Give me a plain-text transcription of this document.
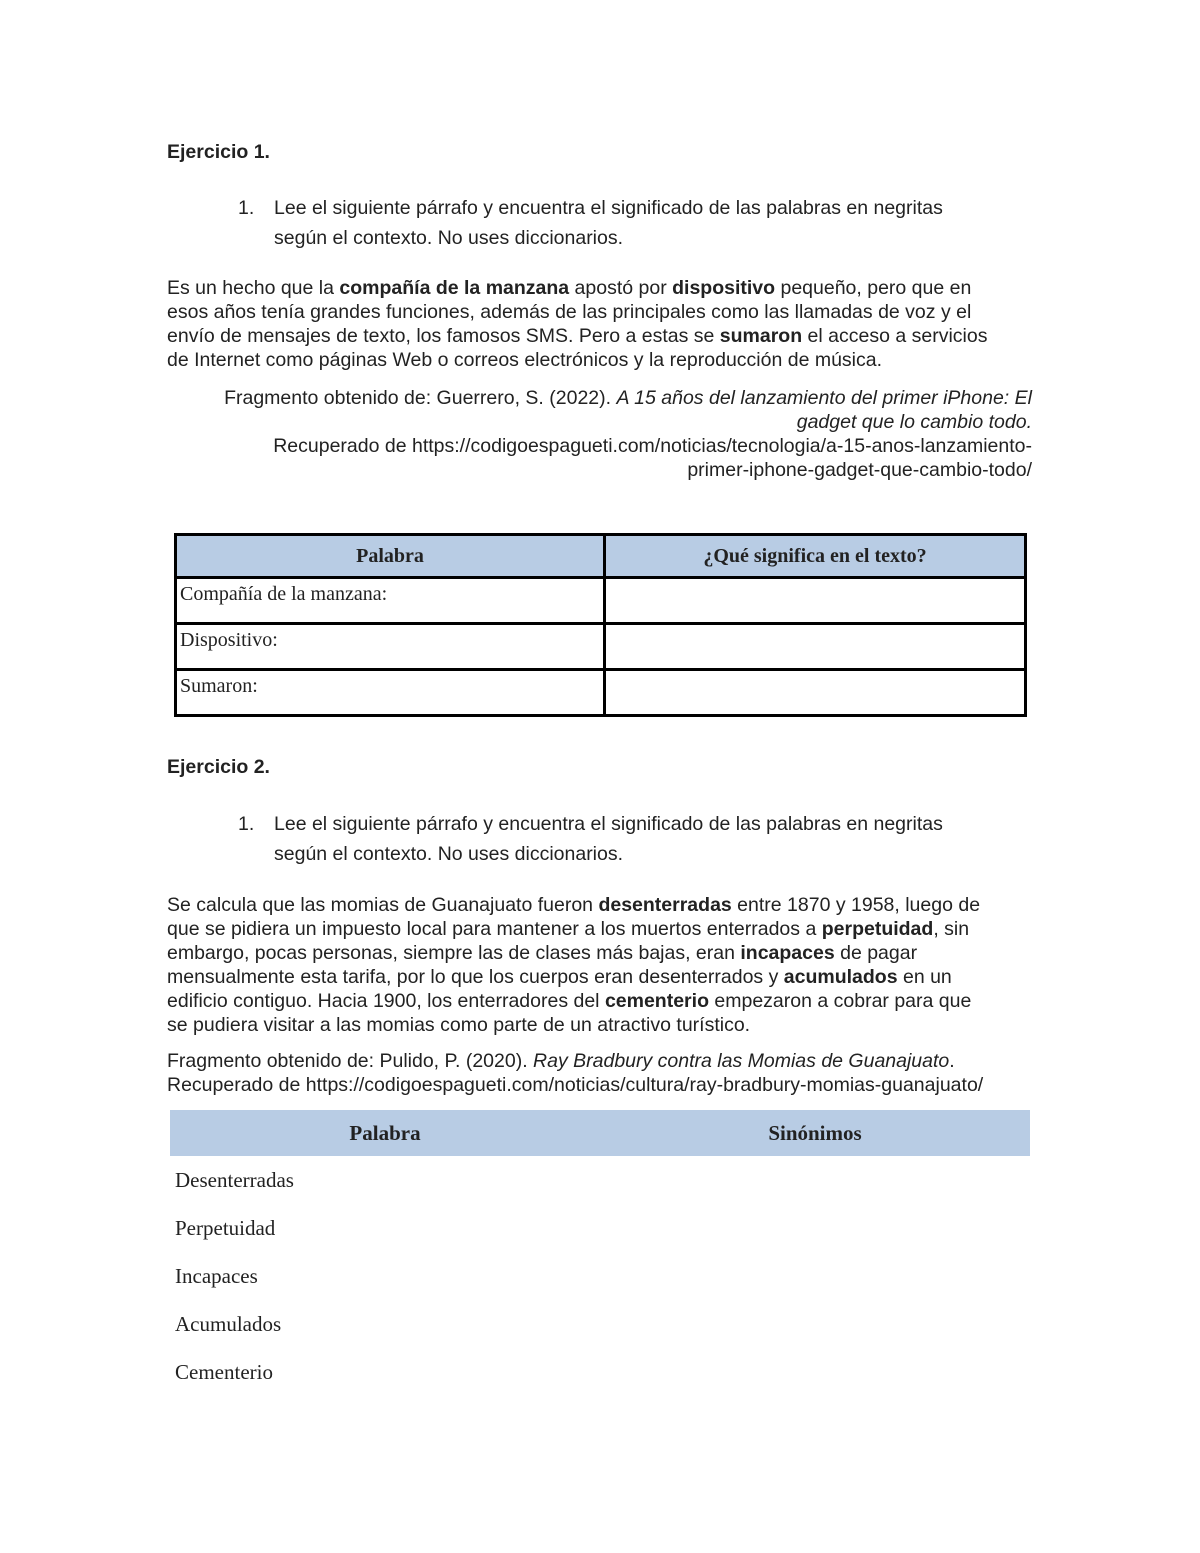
Ejercicio 1.
1. Lee el siguiente párrafo y encuentra el significado de las palabras en negritas
según el contexto. No uses diccionarios.
Es un hecho que la compañía de la manzana apostó por dispositivo pequeño, pero que en
esos años tenía grandes funciones, además de las principales como las llamadas de voz y el
envío de mensajes de texto, los famosos SMS. Pero a estas se sumaron el acceso a servicios
de Internet como páginas Web o correos electrónicos y la reproducción de música.
Fragmento obtenido de: Guerrero, S. (2022). A 15 años del lanzamiento del primer iPhone: El
gadget que lo cambio todo.
Recuperado de https://codigoespagueti.com/noticias/tecnologia/a-15-anos-lanzamiento-
primer-iphone-gadget-que-cambio-todo/
Palabra	¿Qué significa en el texto?
Compañía de la manzana:	
Dispositivo:	
Sumaron:	
Ejercicio 2.
1. Lee el siguiente párrafo y encuentra el significado de las palabras en negritas
según el contexto. No uses diccionarios.
Se calcula que las momias de Guanajuato fueron desenterradas entre 1870 y 1958, luego de
que se pidiera un impuesto local para mantener a los muertos enterrados a perpetuidad, sin
embargo, pocas personas, siempre las de clases más bajas, eran incapaces de pagar
mensualmente esta tarifa, por lo que los cuerpos eran desenterrados y acumulados en un
edificio contiguo. Hacia 1900, los enterradores del cementerio empezaron a cobrar para que
se pudiera visitar a las momias como parte de un atractivo turístico.
Fragmento obtenido de: Pulido, P. (2020). Ray Bradbury contra las Momias de Guanajuato.
Recuperado de https://codigoespagueti.com/noticias/cultura/ray-bradbury-momias-guanajuato/
Palabra	Sinónimos
Desenterradas	
Perpetuidad	
Incapaces	
Acumulados	
Cementerio	
